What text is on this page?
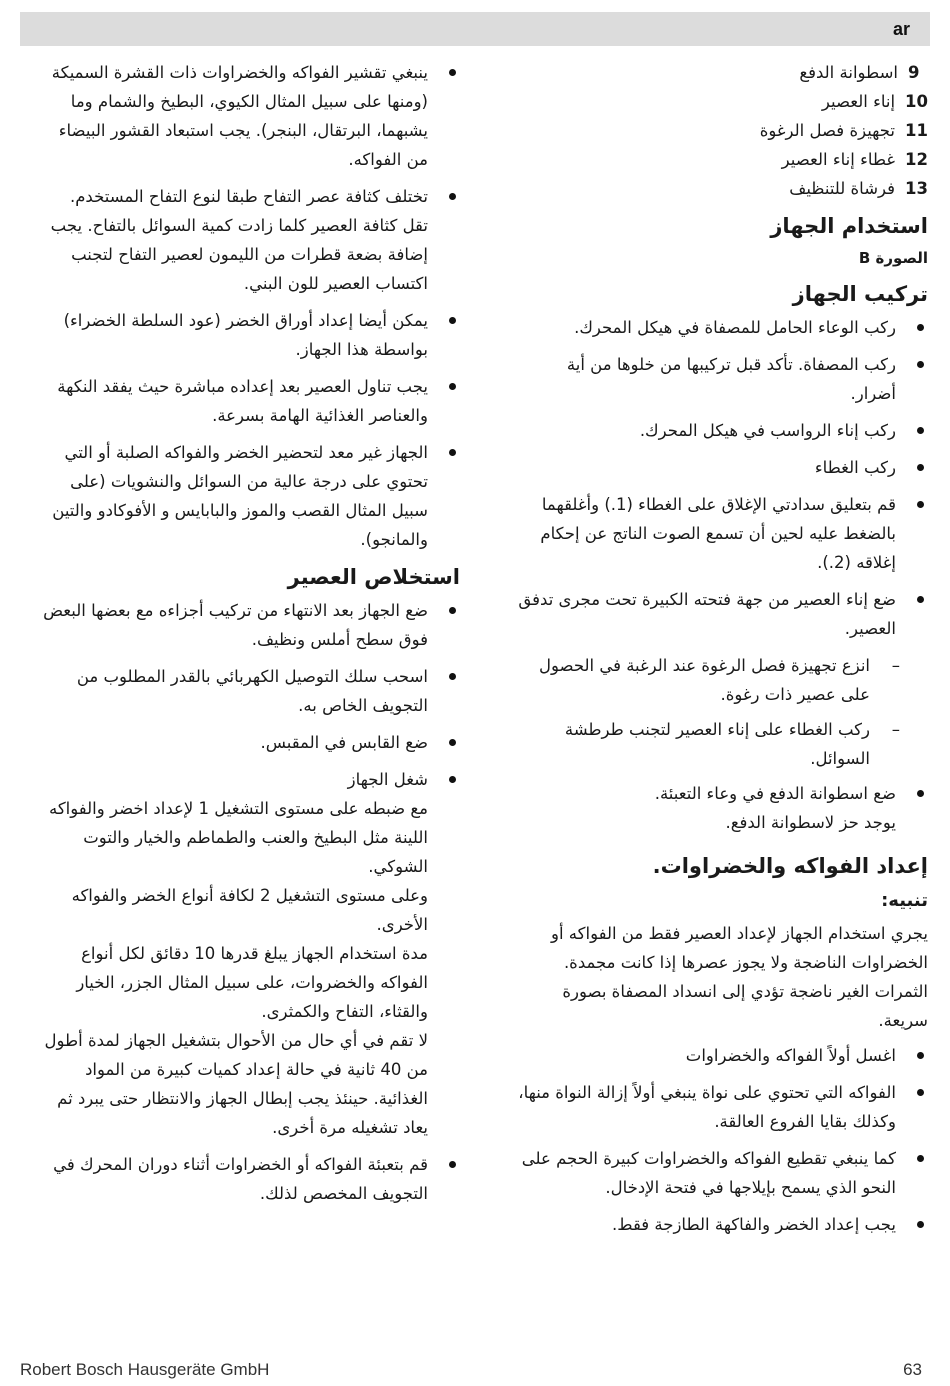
ar
9
اسطوانة الدفع
10
إناء العصير
11
تجهيزة فصل الرغوة
12
غطاء إناء العصير
13
فرشاة للتنظيف
استخدام الجهاز
الصورة B
تركيب الجهاز
ركب الوعاء الحامل للمصفاة في هيكل المحرك.
ركب المصفاة. تأكد قبل تركيبها من خلوها من أية أضرار.
ركب إناء الرواسب في هيكل المحرك.
ركب الغطاء
قم بتعليق سدادتي الإغلاق على الغطاء (1.) وأغلقهما بالضغط عليه لحين أن تسمع الصوت الناتج عن إحكام إغلاقه (2.).
ضع إناء العصير من جهة فتحته الكبيرة تحت مجرى تدفق العصير.
– انزع تجهيزة فصل الرغوة عند الرغبة في الحصول على عصير ذات رغوة.
– ركب الغطاء على إناء العصير لتجنب طرطشة السوائل.
ضع اسطوانة الدفع في وعاء التعبئة.
يوجد حز لاسطوانة الدفع.
إعداد الفواكه والخضراوات.
تنبيه:

يجري استخدام الجهاز لإعداد العصير فقط من الفواكه أو الخضراوات الناضجة ولا يجوز عصرها إذا كانت مجمدة. الثمرات الغير ناضجة تؤدي إلى انسداد المصفاة بصورة سريعة.

اغسل أولاً الفواكه والخضراوات
الفواكه التي تحتوي على نواة ينبغي أولاً إزالة النواة منها، وكذلك بقايا الفروع العالقة.
كما ينبغي تقطيع الفواكه والخضراوات كبيرة الحجم على النحو الذي يسمح بإيلاجها في فتحة الإدخال.
يجب إعداد الخضر والفاكهة الطازجة فقط.
ينبغي تقشير الفواكه والخضراوات ذات القشرة السميكة (ومنها على سبيل المثال الكيوي، البطيخ والشمام وما يشبهما، البرتقال، البنجر). يجب استبعاد القشور البيضاء من الفواكه.
تختلف كثافة عصر التفاح طبقا لنوع التفاح المستخدم. تقل كثافة العصير كلما زادت كمية السوائل بالتفاح. يجب إضافة بضعة قطرات من الليمون لعصير التفاح لتجنب اكتساب العصير للون البني.
يمكن أيضا إعداد أوراق الخضر (عود السلطة الخضراء) بواسطة هذا الجهاز.
يجب تناول العصير بعد إعداده مباشرة حيث يفقد النكهة والعناصر الغذائية الهامة بسرعة.
الجهاز غير معد لتحضير الخضر والفواكه الصلبة أو التي تحتوي على درجة عالية من السوائل والنشويات (على سبيل المثال القصب والموز والبابايس و الأفوكادو والتين والمانجو).
استخلاص العصير
ضع الجهاز بعد الانتهاء من تركيب أجزاءه مع بعضها البعض فوق سطح أملس ونظيف.
اسحب سلك التوصيل الكهربائي بالقدر المطلوب من التجويف الخاص به.
ضع القابس في المقبس.
شغل الجهاز
مع ضبطه على مستوى التشغيل 1 لإعداد اخضر والفواكه اللينة مثل البطيخ والعنب والطماطم والخيار والتوت الشوكي.
وعلى مستوى التشغيل 2 لكافة أنواع الخضر والفواكه الأخرى.
مدة استخدام الجهاز يبلغ قدرها 10 دقائق لكل أنواع الفواكه والخضروات، على سبيل المثال الجزر، الخيار والقثاء، التفاح والكمثرى.
لا تقم في أي حال من الأحوال بتشغيل الجهاز لمدة أطول من 40 ثانية في حالة إعداد كميات كبيرة من المواد الغذائية. حينئذ يجب إبطال الجهاز والانتظار حتى يبرد ثم يعاد تشغيله مرة أخرى.
قم بتعبئة الفواكه أو الخضراوات أثناء دوران المحرك في التجويف المخصص لذلك.
Robert Bosch Hausgeräte GmbH	63
